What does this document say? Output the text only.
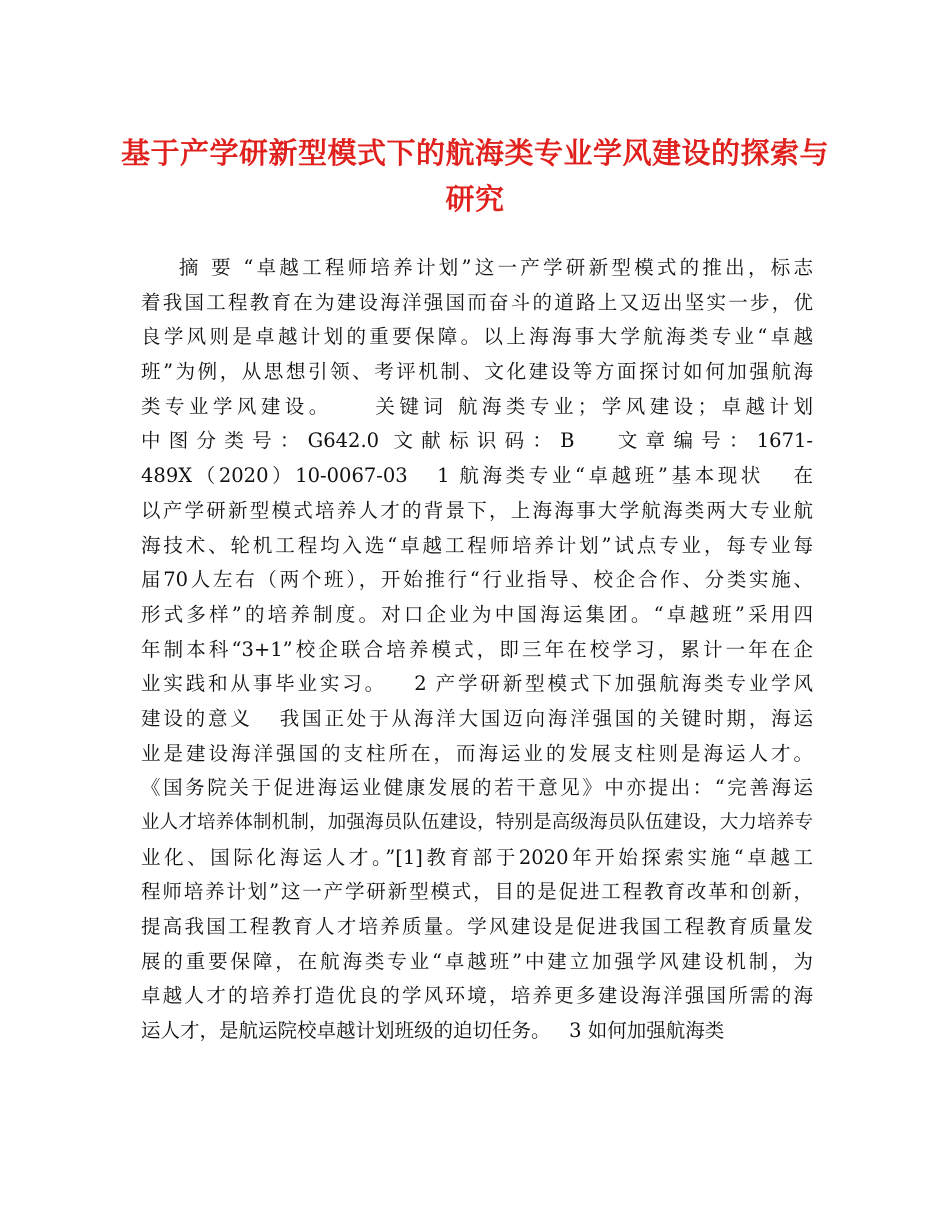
基于产学研新型模式下的航海类专业学风建设的探索与
研究
摘 要 “卓越工程师培养计划”这一产学研新型模式的推出，标志
着我国工程教育在为建设海洋强国而奋斗的道路上又迈出坚实一步，优
良学风则是卓越计划的重要保障。以上海海事大学航海类专业“卓越
班”为例，从思想引领、考评机制、文化建设等方面探讨如何加强航海
类专业学风建设。    关键词 航海类专业；学风建设；卓越计划
中图分类号：G642.0 文献标识码：B   文章编号：1671-
489X（2020）10-0067-03   1 航海类专业“卓越班”基本现状   在
以产学研新型模式培养人才的背景下，上海海事大学航海类两大专业航
海技术、轮机工程均入选“卓越工程师培养计划”试点专业，每专业每
届70人左右（两个班），开始推行“行业指导、校企合作、分类实施、
形式多样”的培养制度。对口企业为中国海运集团。“卓越班”采用四
年制本科“3+1”校企联合培养模式，即三年在校学习，累计一年在企
业实践和从事毕业实习。   2 产学研新型模式下加强航海类专业学风
建设的意义   我国正处于从海洋大国迈向海洋强国的关键时期，海运
业是建设海洋强国的支柱所在，而海运业的发展支柱则是海运人才。
《国务院关于促进海运业健康发展的若干意见》中亦提出：“完善海运
业人才培养体制机制，加强海员队伍建设，特别是高级海员队伍建设，大力培养专
业化、国际化海运人才。”[1]教育部于2020年开始探索实施“卓越工
程师培养计划”这一产学研新型模式，目的是促进工程教育改革和创新，
提高我国工程教育人才培养质量。学风建设是促进我国工程教育质量发
展的重要保障，在航海类专业“卓越班”中建立加强学风建设机制，为
卓越人才的培养打造优良的学风环境，培养更多建设海洋强国所需的海
运人才，是航运院校卓越计划班级的迫切任务。   3 如何加强航海类
